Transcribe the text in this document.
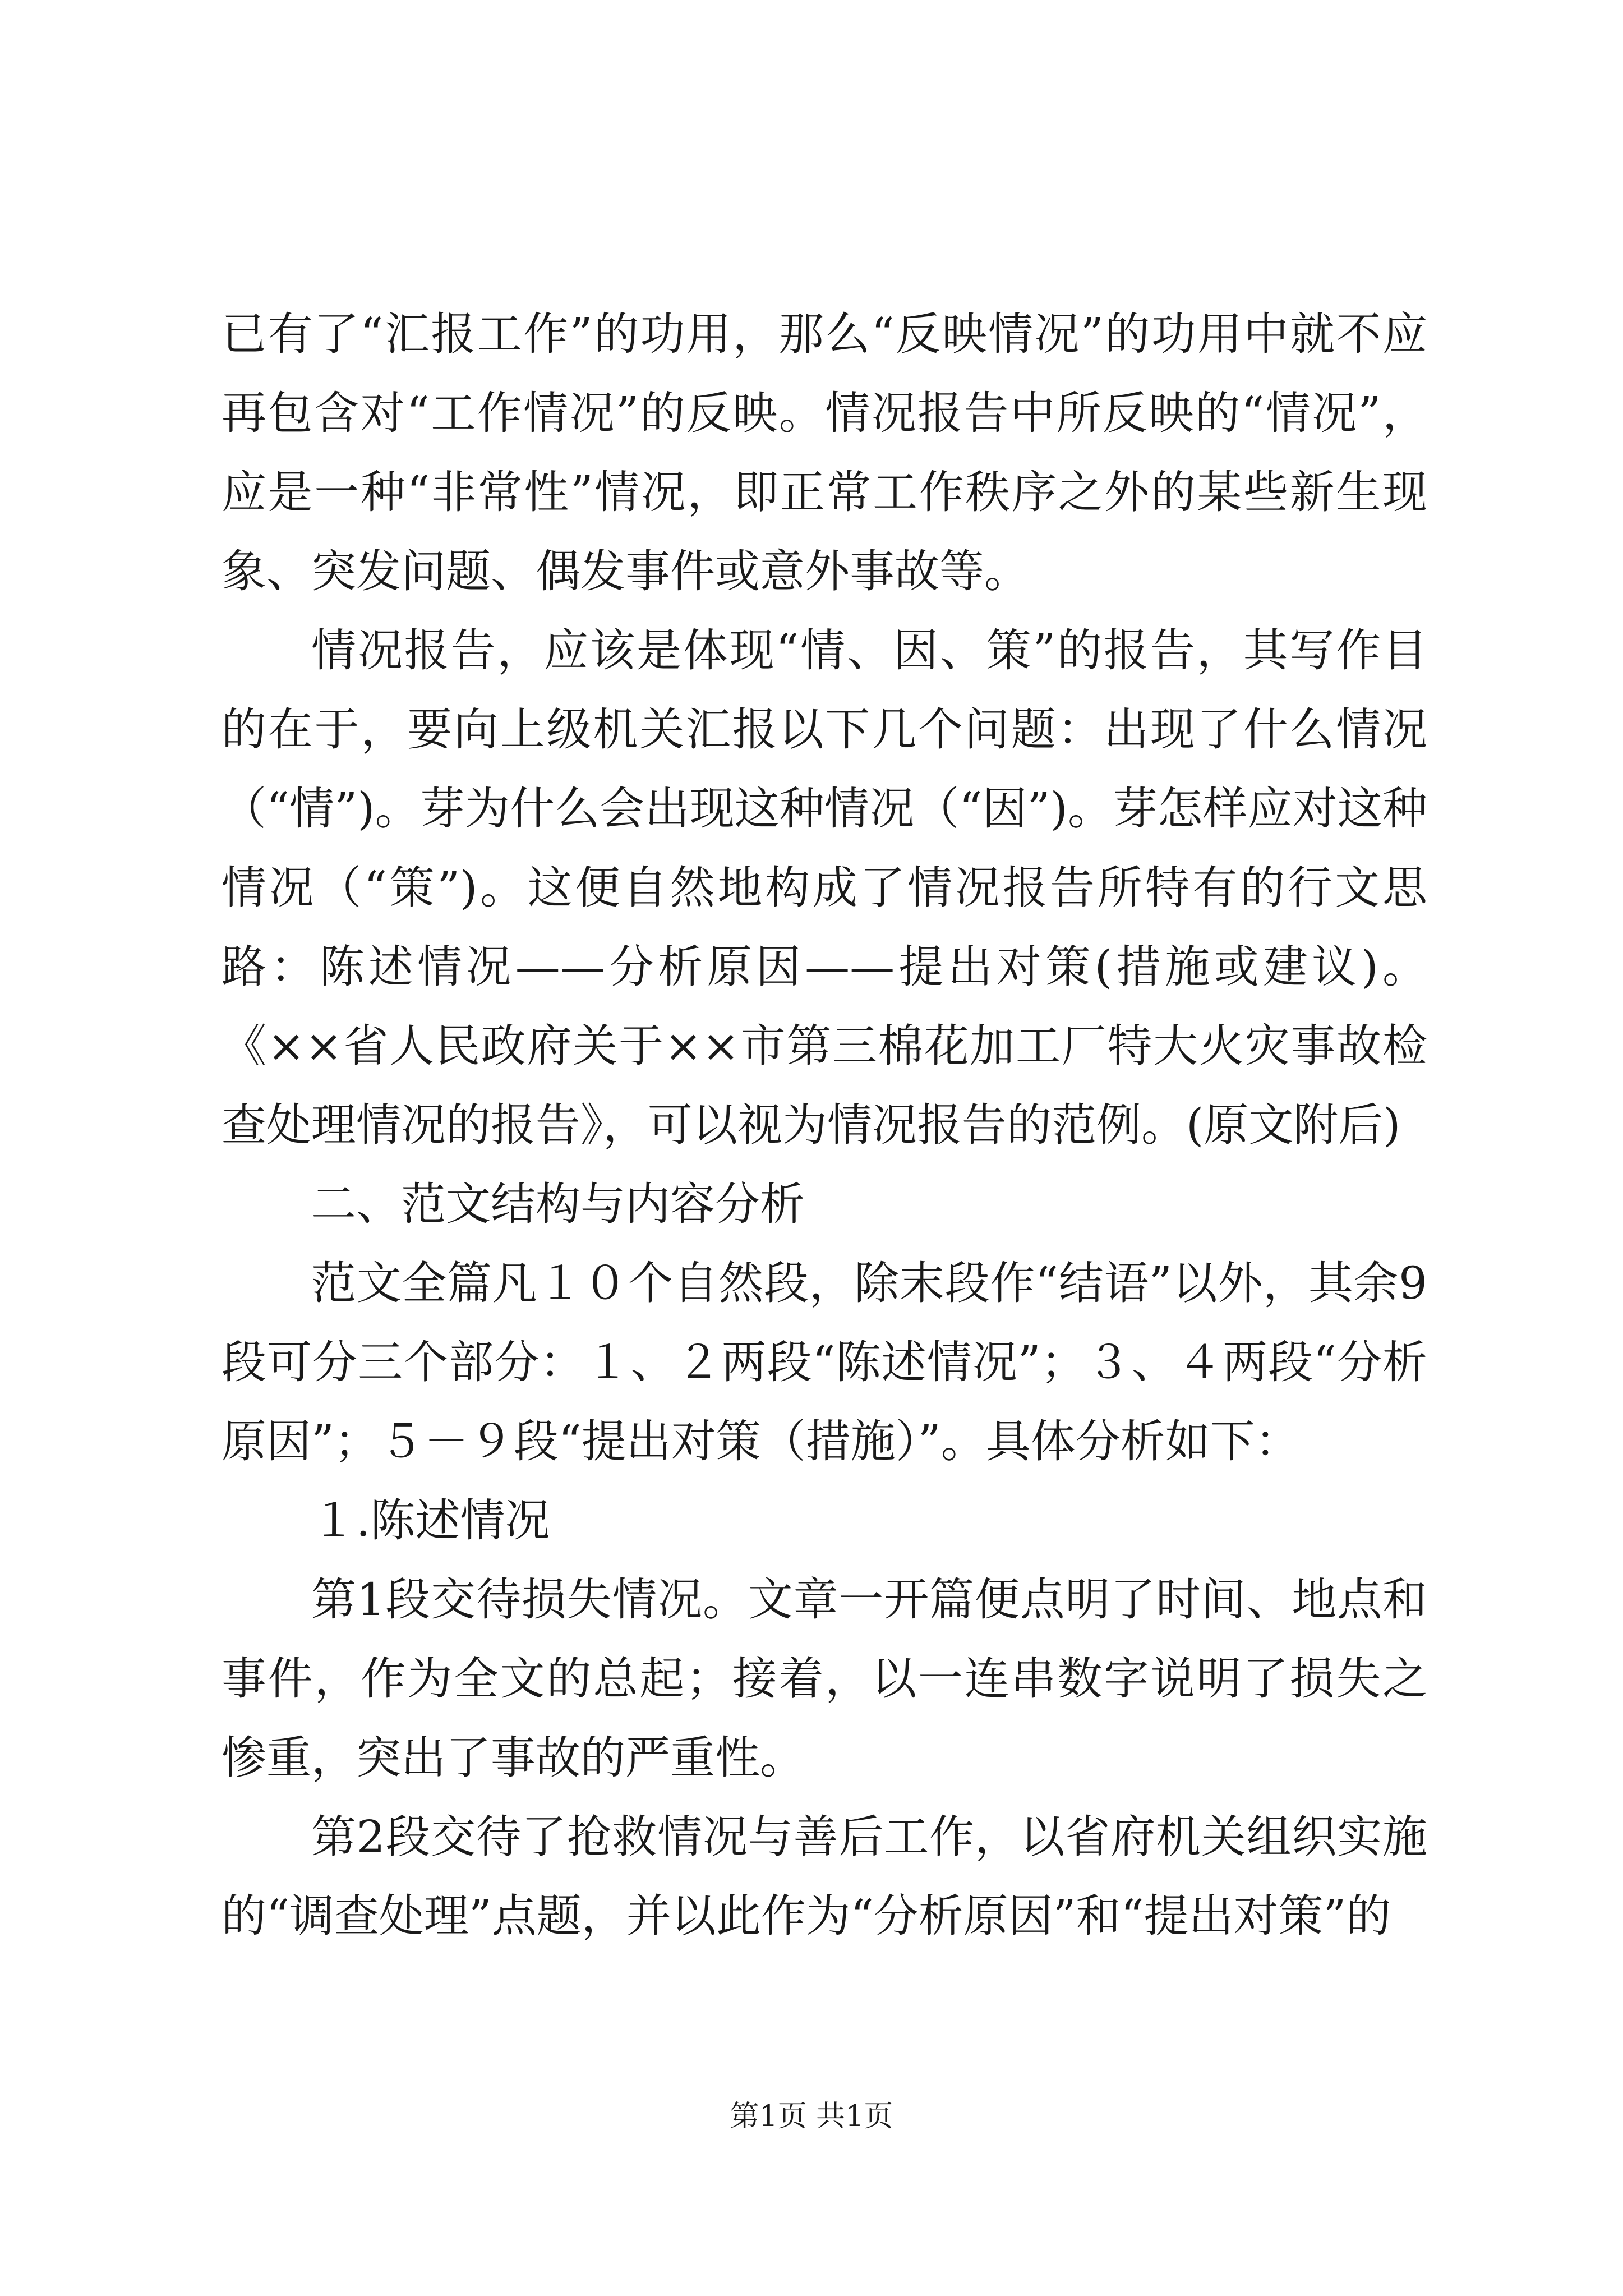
已有了“汇报工作”的功用，那么“反映情况”的功用中就不应再包含对“工作情况”的反映。情况报告中所反映的“情况”，应是一种“非常性”情况，即正常工作秩序之外的某些新生现象、突发问题、偶发事件或意外事故等。

情况报告，应该是体现“情、因、策”的报告，其写作目的在于，要向上级机关汇报以下几个问题：出现了什么情况（“情”)。芽为什么会出现这种情况（“因”)。芽怎样应对这种情况（“策”)。这便自然地构成了情况报告所特有的行文思路：陈述情况——分析原因——提出对策(措施或建议)。《××省人民政府关于××市第三棉花加工厂特大火灾事故检查处理情况的报告》，可以视为情况报告的范例。(原文附后)

二、范文结构与内容分析

范文全篇凡１０个自然段，除末段作“结语”以外，其余9段可分三个部分：１、２两段“陈述情况”；３、４两段“分析原因”；５－９段“提出对策（措施）”。具体分析如下：

１.陈述情况

第1段交待损失情况。文章一开篇便点明了时间、地点和事件，作为全文的总起；接着，以一连串数字说明了损失之惨重，突出了事故的严重性。

第2段交待了抢救情况与善后工作，以省府机关组织实施的“调查处理”点题，并以此作为“分析原因”和“提出对策”的

第1页 共1页
